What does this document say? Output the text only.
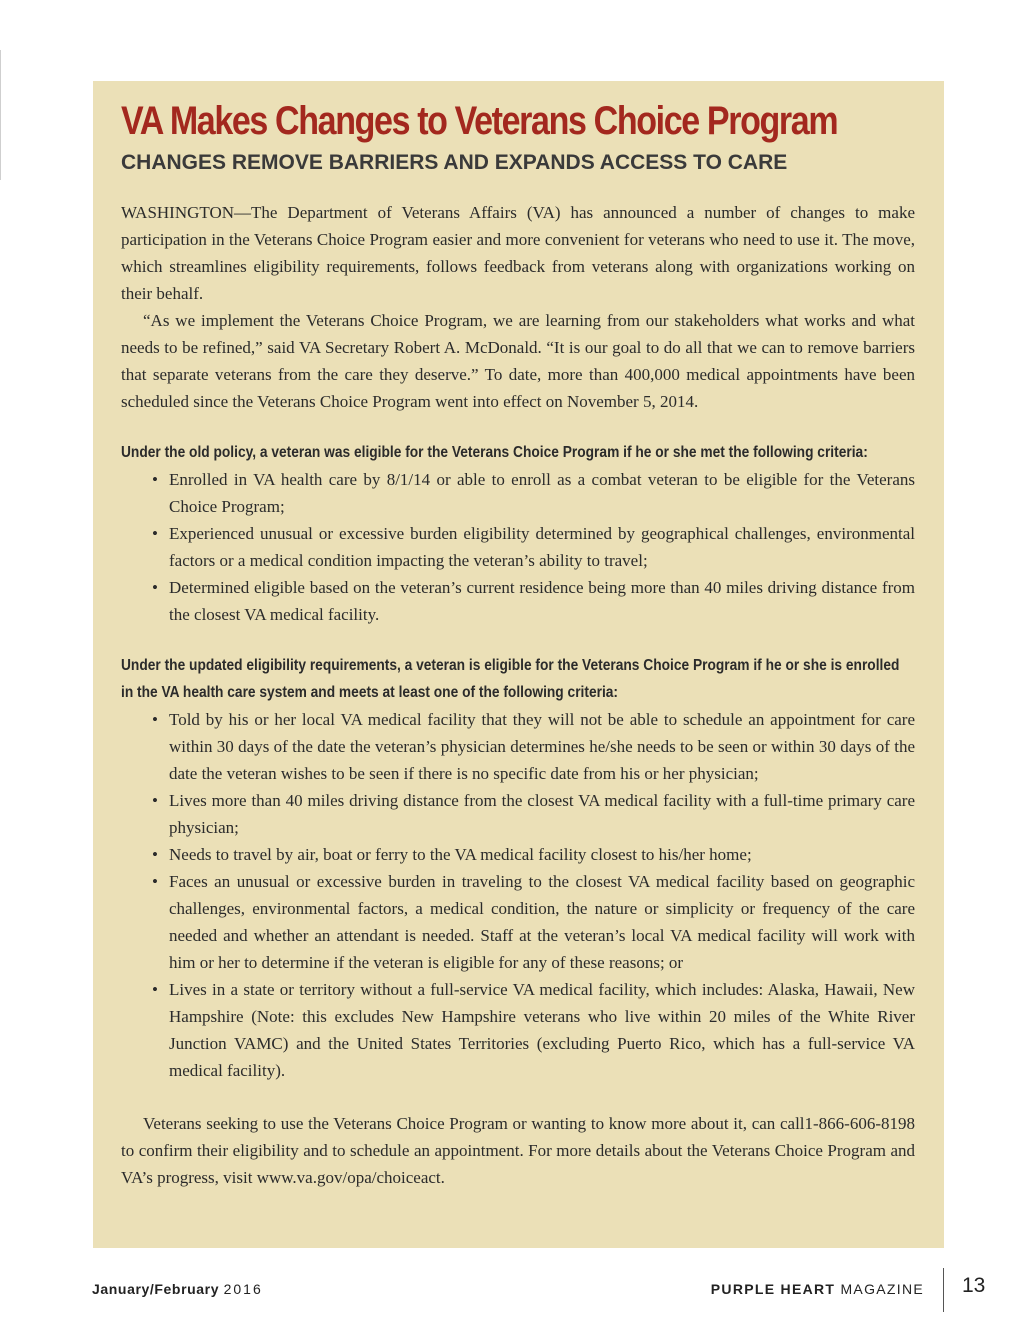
VA Makes Changes to Veterans Choice Program
CHANGES REMOVE BARRIERS AND EXPANDS ACCESS TO CARE

WASHINGTON—The Department of Veterans Affairs (VA) has announced a number of changes to make participation in the Veterans Choice Program easier and more convenient for veterans who need to use it. The move, which streamlines eligibility requirements, follows feedback from veterans along with organizations working on their behalf.

“As we implement the Veterans Choice Program, we are learning from our stakeholders what works and what needs to be refined,” said VA Secretary Robert A. McDonald. “It is our goal to do all that we can to remove barriers that separate veterans from the care they deserve.” To date, more than 400,000 medical appointments have been scheduled since the Veterans Choice Program went into effect on November 5, 2014.

Under the old policy, a veteran was eligible for the Veterans Choice Program if he or she met the following criteria:

• Enrolled in VA health care by 8/1/14 or able to enroll as a combat veteran to be eligible for the Veterans Choice Program;
• Experienced unusual or excessive burden eligibility determined by geographical challenges, environmental factors or a medical condition impacting the veteran’s ability to travel;
• Determined eligible based on the veteran’s current residence being more than 40 miles driving distance from the closest VA medical facility.

Under the updated eligibility requirements, a veteran is eligible for the Veterans Choice Program if he or she is enrolled in the VA health care system and meets at least one of the following criteria:

• Told by his or her local VA medical facility that they will not be able to schedule an appointment for care within 30 days of the date the veteran’s physician determines he/she needs to be seen or within 30 days of the date the veteran wishes to be seen if there is no specific date from his or her physician;
• Lives more than 40 miles driving distance from the closest VA medical facility with a full-time primary care physician;
• Needs to travel by air, boat or ferry to the VA medical facility closest to his/her home;
• Faces an unusual or excessive burden in traveling to the closest VA medical facility based on geographic challenges, environmental factors, a medical condition, the nature or simplicity or frequency of the care needed and whether an attendant is needed. Staff at the veteran’s local VA medical facility will work with him or her to determine if the veteran is eligible for any of these reasons; or
• Lives in a state or territory without a full-service VA medical facility, which includes: Alaska, Hawaii, New Hampshire (Note: this excludes New Hampshire veterans who live within 20 miles of the White River Junction VAMC) and the United States Territories (excluding Puerto Rico, which has a full-service VA medical facility).

Veterans seeking to use the Veterans Choice Program or wanting to know more about it, can call1-866-606-8198 to confirm their eligibility and to schedule an appointment. For more details about the Veterans Choice Program and VA’s progress, visit www.va.gov/opa/choiceact.

January/February 2016	PURPLE HEART MAGAZINE 13
